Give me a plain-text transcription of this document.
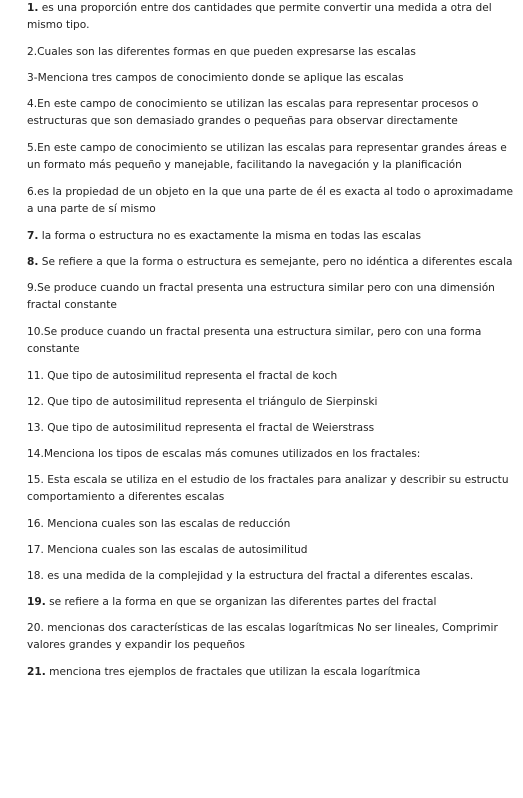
1. es una proporción entre dos cantidades que permite convertir una medida a otra del
mismo tipo.
2.Cuales son las diferentes formas en que pueden expresarse las escalas
3-Menciona tres campos de conocimiento donde se aplique las escalas
4.En este campo de conocimiento se utilizan las escalas para representar procesos o
estructuras que son demasiado grandes o pequeñas para observar directamente
5.En este campo de conocimiento se utilizan las escalas para representar grandes áreas e
un formato más pequeño y manejable, facilitando la navegación y la planificación
6.es la propiedad de un objeto en la que una parte de él es exacta al todo o aproximadame
a una parte de sí mismo
7. la forma o estructura no es exactamente la misma en todas las escalas
8. Se refiere a que la forma o estructura es semejante, pero no idéntica a diferentes escala
9.Se produce cuando un fractal presenta una estructura similar pero con una dimensión
fractal constante
10.Se produce cuando un fractal presenta una estructura similar, pero con una forma
constante
11. Que tipo de autosimilitud representa el fractal de koch
12. Que tipo de autosimilitud representa el triángulo de Sierpinski
13. Que tipo de autosimilitud representa el fractal de Weierstrass
14.Menciona los tipos de escalas más comunes utilizados en los fractales:
15. Esta escala se utiliza en el estudio de los fractales para analizar y describir su estructu
comportamiento a diferentes escalas
16. Menciona cuales son las escalas de reducción
17. Menciona cuales son las escalas de autosimilitud
18. es una medida de la complejidad y la estructura del fractal a diferentes escalas.
19. se refiere a la forma en que se organizan las diferentes partes del fractal
20. mencionas dos características de las escalas logarítmicas No ser lineales, Comprimir
valores grandes y expandir los pequeños
21. menciona tres ejemplos de fractales que utilizan la escala logarítmica
